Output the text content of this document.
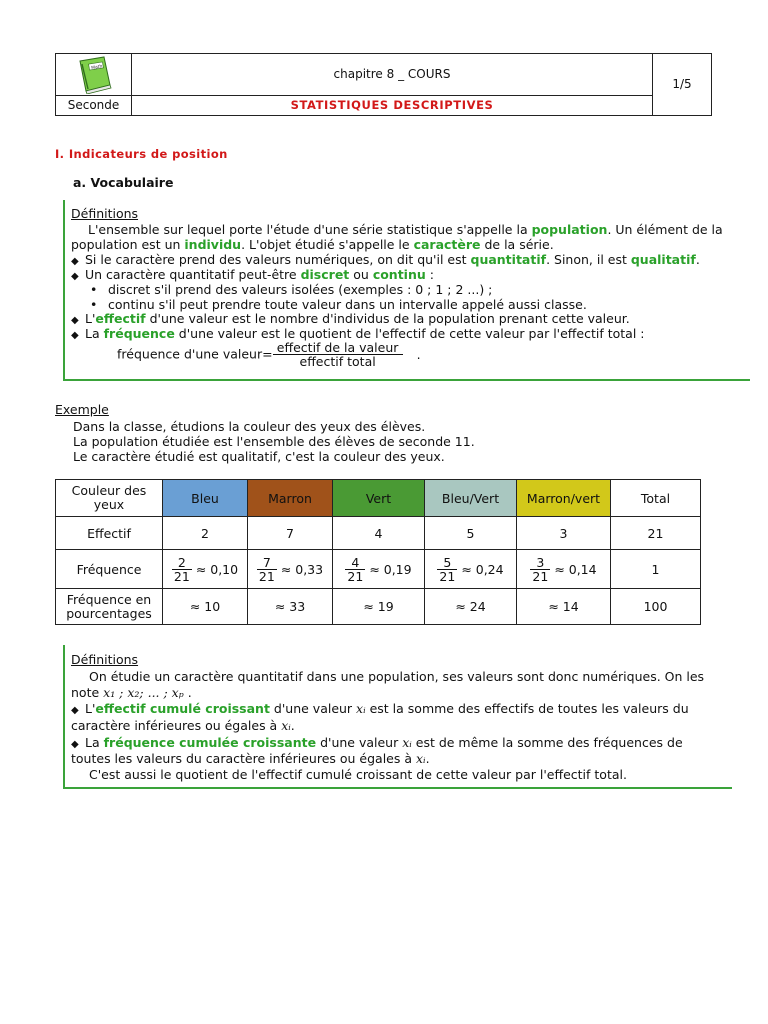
Math
Seconde
chapitre 8 _ COURS
STATISTIQUES DESCRIPTIVES
1/5
I. Indicateurs de position
a. Vocabulaire
Définitions
L'ensemble sur lequel porte l'étude d'une série statistique s'appelle la population. Un élément de la
population est un individu. L'objet étudié s'appelle le caractère de la série.
◆ Si le caractère prend des valeurs numériques, on dit qu'il est quantitatif. Sinon, il est qualitatif.
◆ Un caractère quantitatif peut-être discret ou continu :
• discret s'il prend des valeurs isolées (exemples : 0 ; 1 ; 2 ...) ;
• continu s'il peut prendre toute valeur dans un intervalle appelé aussi classe.
◆ L'effectif d'une valeur est le nombre d'individus de la population prenant cette valeur.
◆ La fréquence d'une valeur est le quotient de l'effectif de cette valeur par l'effectif total :
fréquence d'une valeur= $\frac{\text{effectif de la valeur}}{\text{effectif total}}$ .
Exemple
Dans la classe, étudions la couleur des yeux des élèves.
La population étudiée est l'ensemble des élèves de seconde 11.
Le caractère étudié est qualitatif, c'est la couleur des yeux.
Couleur des yeux	Bleu	Marron	Vert	Bleu/Vert	Marron/vert	Total
Effectif	2	7	4	5	3	21
Fréquence	$\frac{2}{21} \approx 0,10$	$\frac{7}{21} \approx 0,33$	$\frac{4}{21} \approx 0,19$	$\frac{5}{21} \approx 0,24$	$\frac{3}{21} \approx 0,14$	1
Fréquence en pourcentages	≈ 10	≈ 33	≈ 19	≈ 24	≈ 14	100
Définitions
On étudie un caractère quantitatif dans une population, ses valeurs sont donc numériques. On les
note x₁ ; x₂; ... ; xₚ .
◆ L'effectif cumulé croissant d'une valeur xᵢ est la somme des effectifs de toutes les valeurs du
caractère inférieures ou égales à xᵢ.
◆ La fréquence cumulée croissante d'une valeur xᵢ est de même la somme des fréquences de
toutes les valeurs du caractère inférieures ou égales à xᵢ.
C'est aussi le quotient de l'effectif cumulé croissant de cette valeur par l'effectif total.
